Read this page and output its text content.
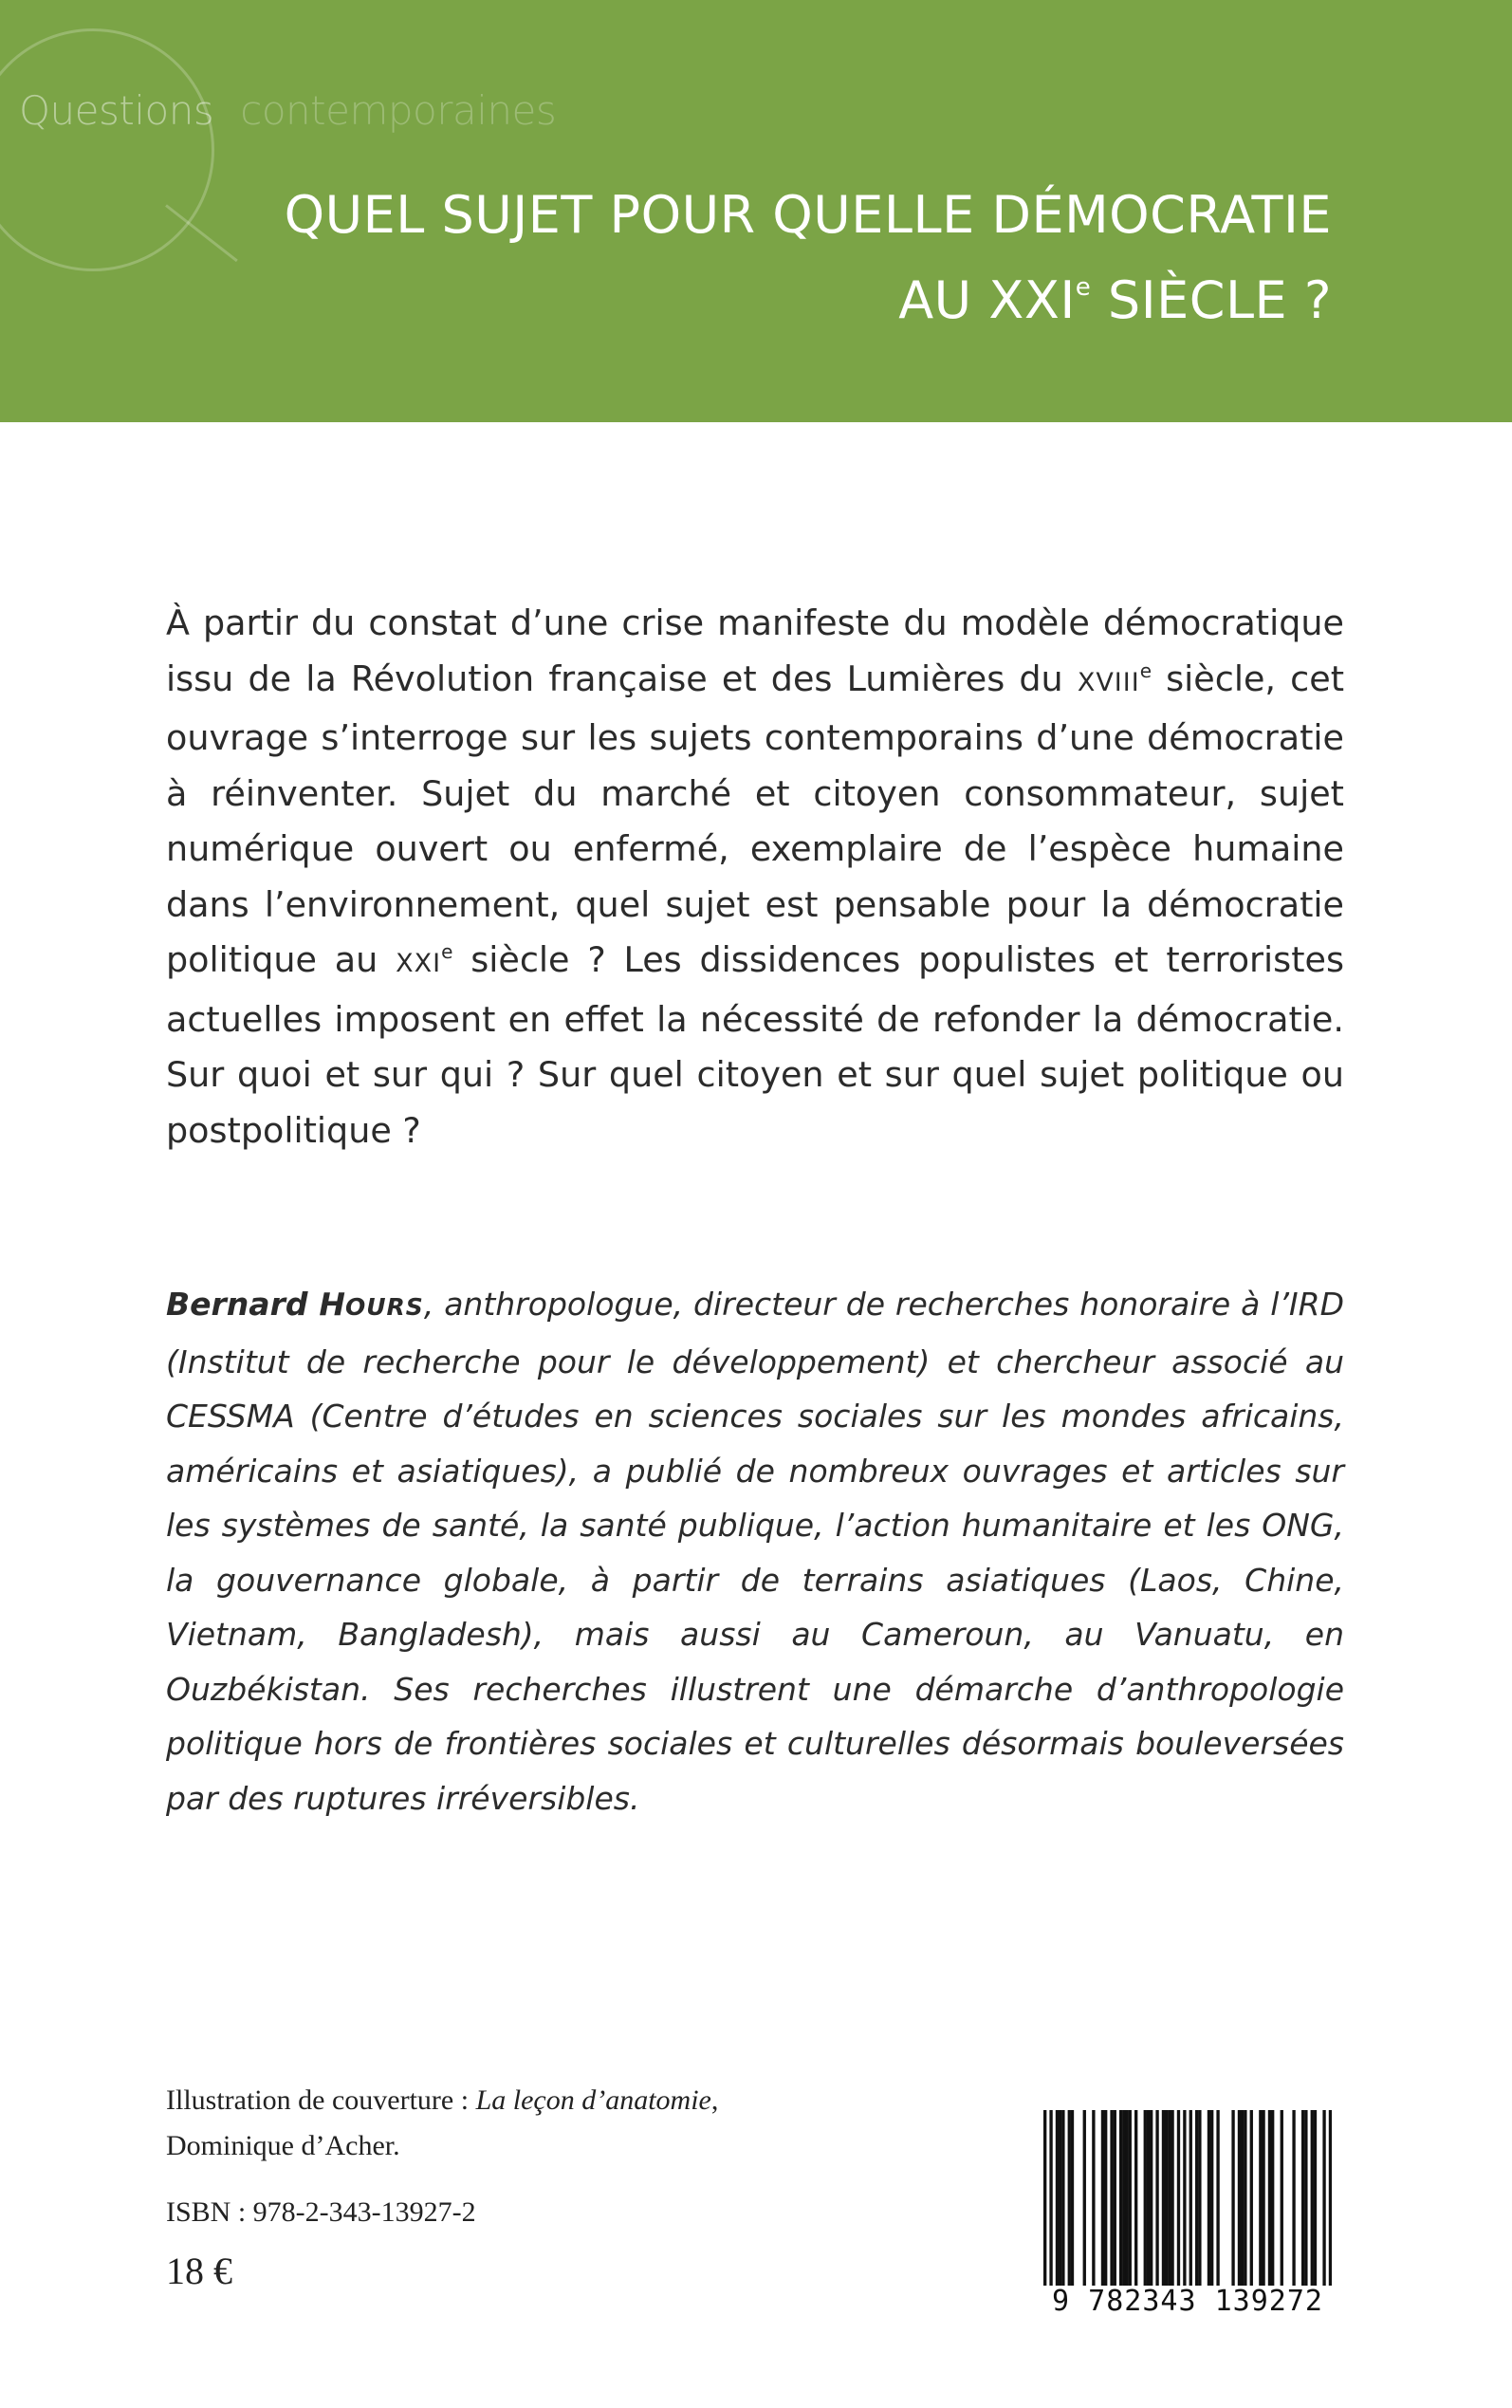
Questions contemporaines
QUEL SUJET POUR QUELLE DÉMOCRATIE
AU XXIe SIÈCLE ?
À partir du constat d’une crise manifeste du modèle démocratique issu de la Révolution française et des Lumières du XVIIIe siècle, cet ouvrage s’interroge sur les sujets contemporains d’une démocratie à réinventer. Sujet du marché et citoyen consommateur, sujet numérique ouvert ou enfermé, exemplaire de l’espèce humaine dans l’environnement, quel sujet est pensable pour la démocratie politique au XXIe siècle ? Les dissidences populistes et terroristes actuelles imposent en effet la nécessité de refonder la démocratie. Sur quoi et sur qui ? Sur quel citoyen et sur quel sujet politique ou postpolitique ?
Bernard HOURS, anthropologue, directeur de recherches honoraire à l’IRD (Institut de recherche pour le développement) et chercheur associé au CESSMA (Centre d’études en sciences sociales sur les mondes africains, américains et asiatiques), a publié de nombreux ouvrages et articles sur les systèmes de santé, la santé publique, l’action humanitaire et les ONG, la gouvernance globale, à partir de terrains asiatiques (Laos, Chine, Vietnam, Bangladesh), mais aussi au Cameroun, au Vanuatu, en Ouzbékistan. Ses recherches illustrent une démarche d’anthropologie politique hors de frontières sociales et culturelles désormais bouleversées par des ruptures irréversibles.
Illustration de couverture : La leçon d’anatomie,
Dominique d’Acher.
ISBN : 978-2-343-13927-2
18 €
9 782343 139272
